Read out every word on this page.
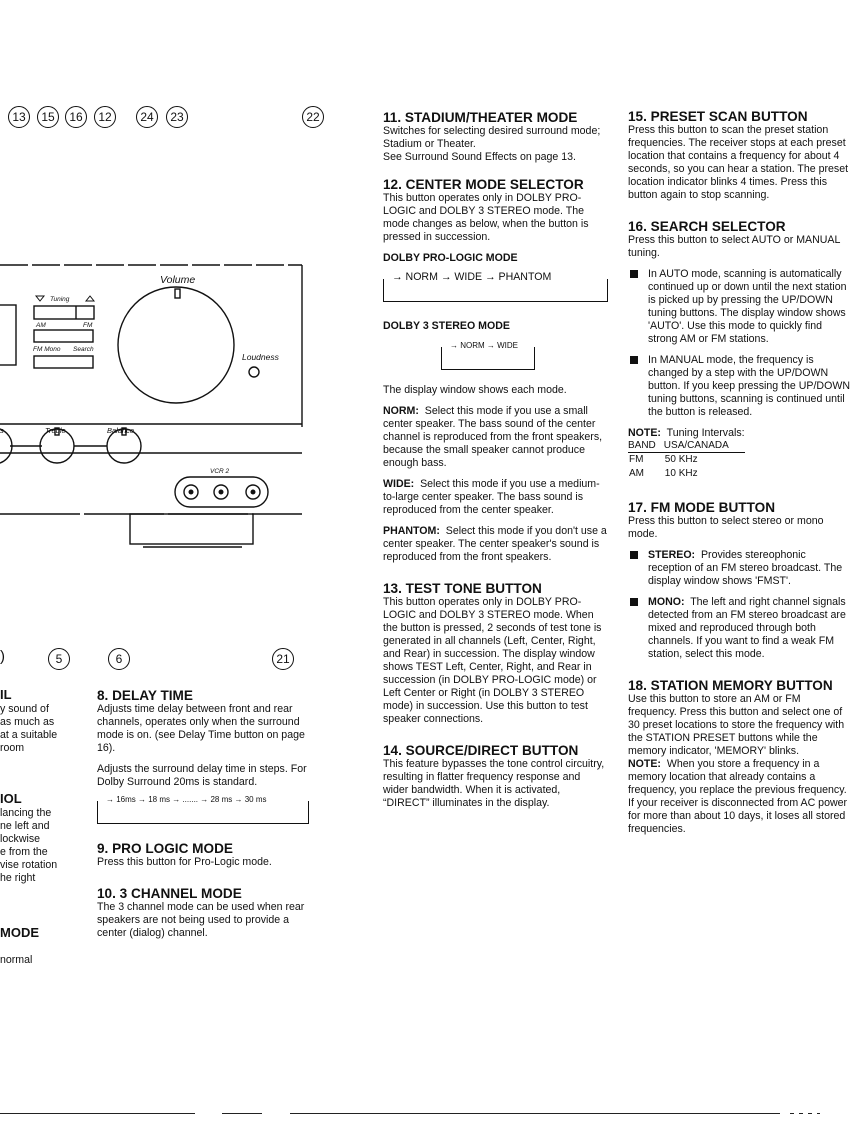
13	15	16	12	24	23	22
Volume
Tuning
AM	FM
FM Mono Search
Loudness
s	Treble	Balance
VCR 2
)	5	6	21
IL
y sound of
as much as
at a suitable
room
IOL
lancing the
ne left and
lockwise
e from the
vise rotation
he right
MODE

normal
8. DELAY TIME

Adjusts time delay between front and rear channels, operates only when the surround mode is on. (see Delay Time button on page 16).

Adjusts the surround delay time in steps. For Dolby Surround 20ms is standard.

→ 16ms → 18 ms → ....... → 28 ms → 30 ms
9. PRO LOGIC MODE

Press this button for Pro-Logic mode.

10. 3 CHANNEL MODE

The 3 channel mode can be used when rear speakers are not being used to provide a center (dialog) channel.

11. STADIUM/THEATER MODE

Switches for selecting desired surround mode; Stadium or Theater.

See Surround Sound Effects on page 13.

12. CENTER MODE SELECTOR

This button operates only in DOLBY PRO-LOGIC and DOLBY 3 STEREO mode. The mode changes as below, when the button is pressed in succession.

DOLBY PRO-LOGIC MODE
→ NORM → WIDE → PHANTOM
DOLBY 3 STEREO MODE
→ NORM → WIDE

The display window shows each mode.

NORM: Select this mode if you use a small center speaker. The bass sound of the center channel is reproduced from the front speakers, because the small speaker cannot produce enough bass.

WIDE: Select this mode if you use a medium-to-large center speaker. The bass sound is reproduced from the center speaker.

PHANTOM: Select this mode if you don't use a center speaker. The center speaker's sound is reproduced from the front speakers.

13. TEST TONE BUTTON

This button operates only in DOLBY PRO-LOGIC and DOLBY 3 STEREO mode. When the button is pressed, 2 seconds of test tone is generated in all channels (Left, Center, Right, and Rear) in succession. The display window shows TEST Left, Center, Right, and Rear in succession (in DOLBY PRO-LOGIC mode) or Left Center or Right (in DOLBY 3 STEREO mode) in succession. Use this button to test speaker connections.

14. SOURCE/DIRECT BUTTON

This feature bypasses the tone control circuitry, resulting in flatter frequency response and wider bandwidth. When it is activated, “DIRECT” illuminates in the display.

15. PRESET SCAN BUTTON

Press this button to scan the preset station frequencies. The receiver stops at each preset location that contains a frequency for about 4 seconds, so you can hear a station. The preset location indicator blinks 4 times. Press this button again to stop scanning.

16. SEARCH SELECTOR

Press this button to select AUTO or MANUAL tuning.

In AUTO mode, scanning is automatically continued up or down until the next station is picked up by pressing the UP/DOWN tuning buttons. The display window shows 'AUTO'. Use this mode to quickly find strong AM or FM stations.

In MANUAL mode, the frequency is changed by a step with the UP/DOWN button. If you keep pressing the UP/DOWN tuning buttons, scanning is continued until the button is released.

NOTE: Tuning Intervals:
BAND	USA/CANADA
FM	50 KHz
AM	10 KHz
17. FM MODE BUTTON

Press this button to select stereo or mono mode.

STEREO: Provides stereophonic reception of an FM stereo broadcast. The display window shows 'FMST'.

MONO: The left and right channel signals detected from an FM stereo broadcast are mixed and reproduced through both channels. If you want to find a weak FM station, select this mode.

18. STATION MEMORY BUTTON

Use this button to store an AM or FM frequency. Press this button and select one of 30 preset locations to store the frequency with the STATION PRESET buttons while the memory indicator, 'MEMORY' blinks.

NOTE: When you store a frequency in a memory location that already contains a frequency, you replace the previous frequency. If your receiver is disconnected from AC power for more than about 10 days, it loses all stored frequencies.
